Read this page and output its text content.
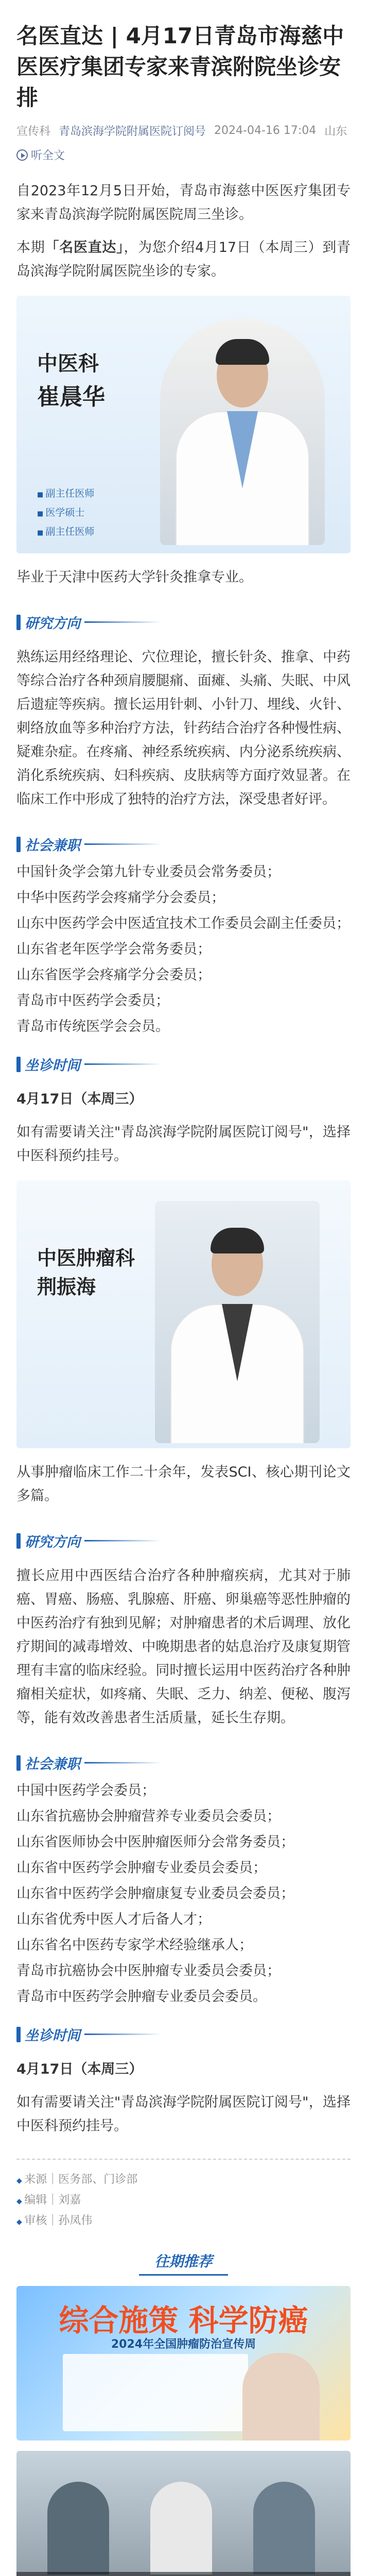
名医直达 | 4月17日青岛市海慈中医医疗集团专家来青滨附院坐诊安排
宣传科 青岛滨海学院附属医院订阅号 2024-04-16 17:04 山东
听全文

自2023年12月5日开始，青岛市海慈中医医疗集团专家来青岛滨海学院附属医院周三坐诊。

本期「名医直达」，为您介绍4月17日（本周三）到青岛滨海学院附属医院坐诊的专家。

中医科
崔晨华
■ 副主任医师
■ 医学硕士
■ 副主任医师

毕业于天津中医药大学针灸推拿专业。

研究方向

熟练运用经络理论、穴位理论，擅长针灸、推拿、中药等综合治疗各种颈肩腰腿痛、面瘫、头痛、失眠、中风后遗症等疾病。擅长运用针刺、小针刀、埋线、火针、刺络放血等多种治疗方法，针药结合治疗各种慢性病、疑难杂症。在疼痛、神经系统疾病、内分泌系统疾病、消化系统疾病、妇科疾病、皮肤病等方面疗效显著。在临床工作中形成了独特的治疗方法，深受患者好评。

社会兼职

中国针灸学会第九针专业委员会常务委员；

中华中医药学会疼痛学分会委员；

山东中医药学会中医适宜技术工作委员会副主任委员；

山东省老年医学学会常务委员；

山东省医学会疼痛学分会委员；

青岛市中医药学会委员；

青岛市传统医学会会员。

坐诊时间

4月17日（本周三）

如有需要请关注"青岛滨海学院附属医院订阅号"，选择中医科预约挂号。

中医肿瘤科
荆振海

从事肿瘤临床工作二十余年，发表SCI、核心期刊论文多篇。

研究方向

擅长应用中西医结合治疗各种肿瘤疾病，尤其对于肺癌、胃癌、肠癌、乳腺癌、肝癌、卵巢癌等恶性肿瘤的中医药治疗有独到见解；对肿瘤患者的术后调理、放化疗期间的减毒增效、中晚期患者的姑息治疗及康复期管理有丰富的临床经验。同时擅长运用中医药治疗各种肿瘤相关症状，如疼痛、失眠、乏力、纳差、便秘、腹泻等，能有效改善患者生活质量，延长生存期。

社会兼职

中国中医药学会委员；

山东省抗癌协会肿瘤营养专业委员会委员；

山东省医师协会中医肿瘤医师分会常务委员；

山东省中医药学会肿瘤专业委员会委员；

山东省中医药学会肿瘤康复专业委员会委员；

山东省优秀中医人才后备人才；

山东省名中医药专家学术经验继承人；

青岛市抗癌协会中医肿瘤专业委员会委员；

青岛市中医药学会肿瘤专业委员会委员。

坐诊时间

4月17日（本周三）

如有需要请关注"青岛滨海学院附属医院订阅号"，选择中医科预约挂号。

◆ 来源｜医务部、门诊部
◆ 编辑｜刘嘉
◆ 审核｜孙凤伟
往期推荐
综合施策 科学防癌
2024年全国肿瘤防治宣传周
